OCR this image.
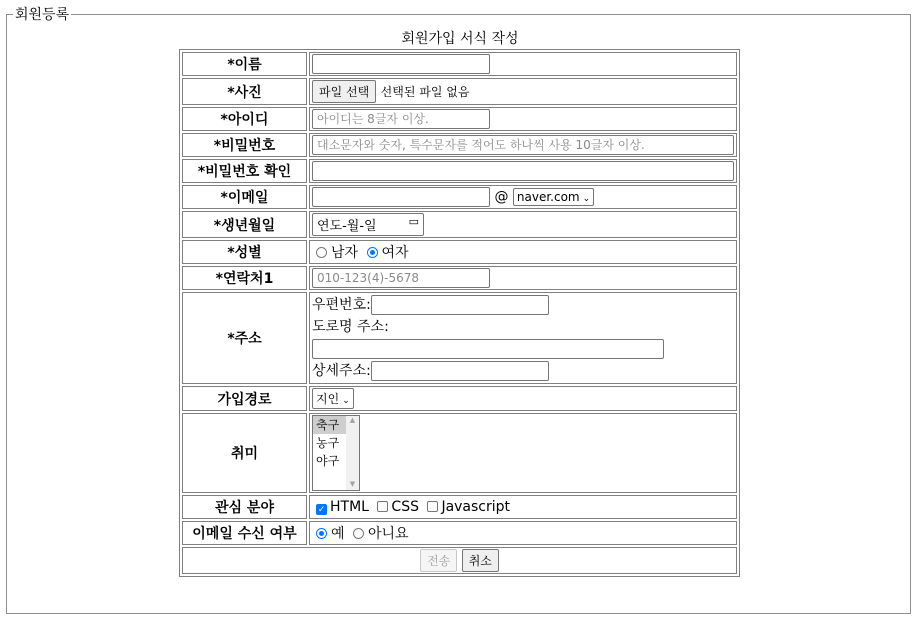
회원등록
회원가입 서식 작성
*이름	
*사진	파일 선택 선택된 파일 없음
*아이디	아이디는 8글자 이상.
*비밀번호	대소문자와 숫자, 특수문자를 적어도 하나씩 사용 10글자 이상.
*비밀번호 확인	
*이메일	@ naver.com ⌄
*생년월일	연도-월-일 ▭

*성별	남자 여자
*연락처1	010-123(4)-5678
*주소	우편번호:
도로명 주소:

상세주소:
가입경로	지인 ⌄
취미	축구
농구
야구
▲
▼

관심 분야	✓ HTML CSS Javascript
이메일 수신 여부	예 아니요
전송 취소	
